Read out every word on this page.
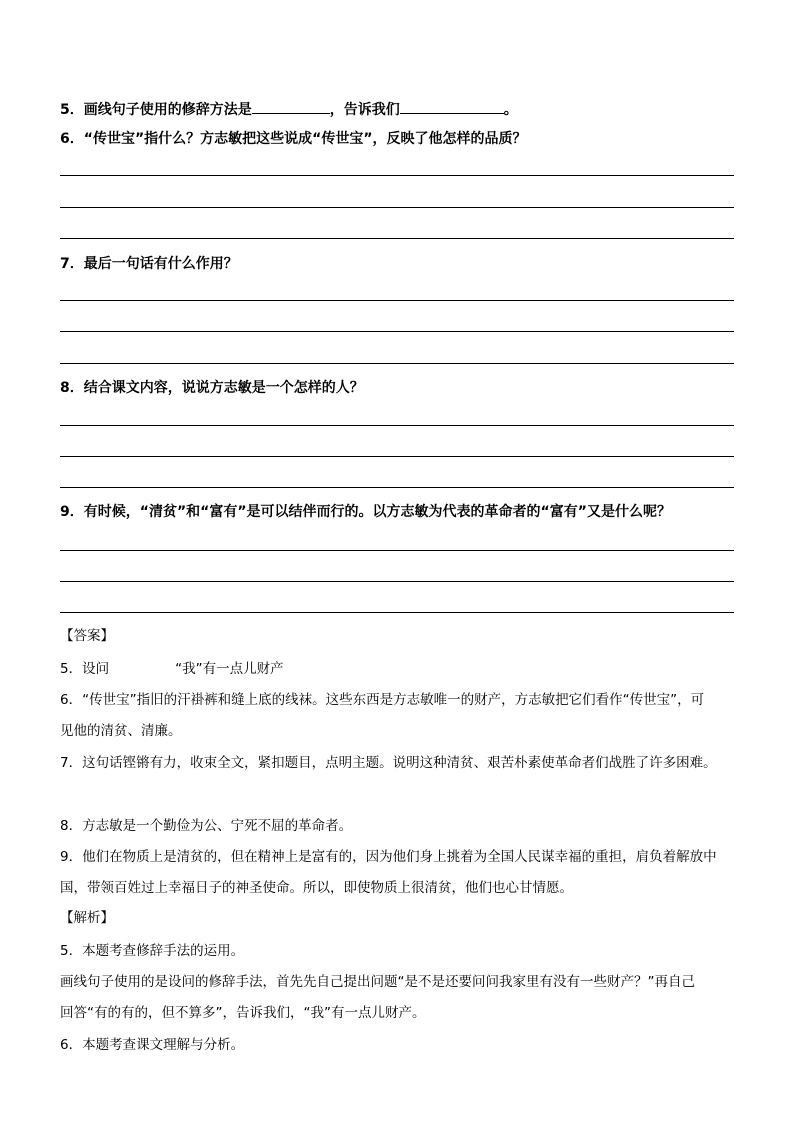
5．画线句子使用的修辞方法是	，告诉我们	。
6．“传世宝”指什么？方志敏把这些说成“传世宝”，反映了他怎样的品质？
7．最后一句话有什么作用？
8．结合课文内容，说说方志敏是一个怎样的人？
9．有时候，“清贫”和“富有”是可以结伴而行的。以方志敏为代表的革命者的“富有”又是什么呢？
【答案】
5．设问	“我”有一点儿财产
6．“传世宝”指旧的汗褂裤和缝上底的线袜。这些东西是方志敏唯一的财产，方志敏把它们看作“传世宝”，可
见他的清贫、清廉。
7．这句话铿锵有力，收束全文，紧扣题目，点明主题。说明这种清贫、艰苦朴素使革命者们战胜了许多困难。
8．方志敏是一个勤俭为公、宁死不屈的革命者。
9．他们在物质上是清贫的，但在精神上是富有的，因为他们身上挑着为全国人民谋幸福的重担，肩负着解放中
国，带领百姓过上幸福日子的神圣使命。所以，即使物质上很清贫，他们也心甘情愿。
【解析】
5．本题考查修辞手法的运用。
画线句子使用的是设问的修辞手法，首先先自己提出问题“是不是还要问问我家里有没有一些财产？”再自己
回答“有的有的，但不算多”，告诉我们，“我”有一点儿财产。
6．本题考查课文理解与分析。
